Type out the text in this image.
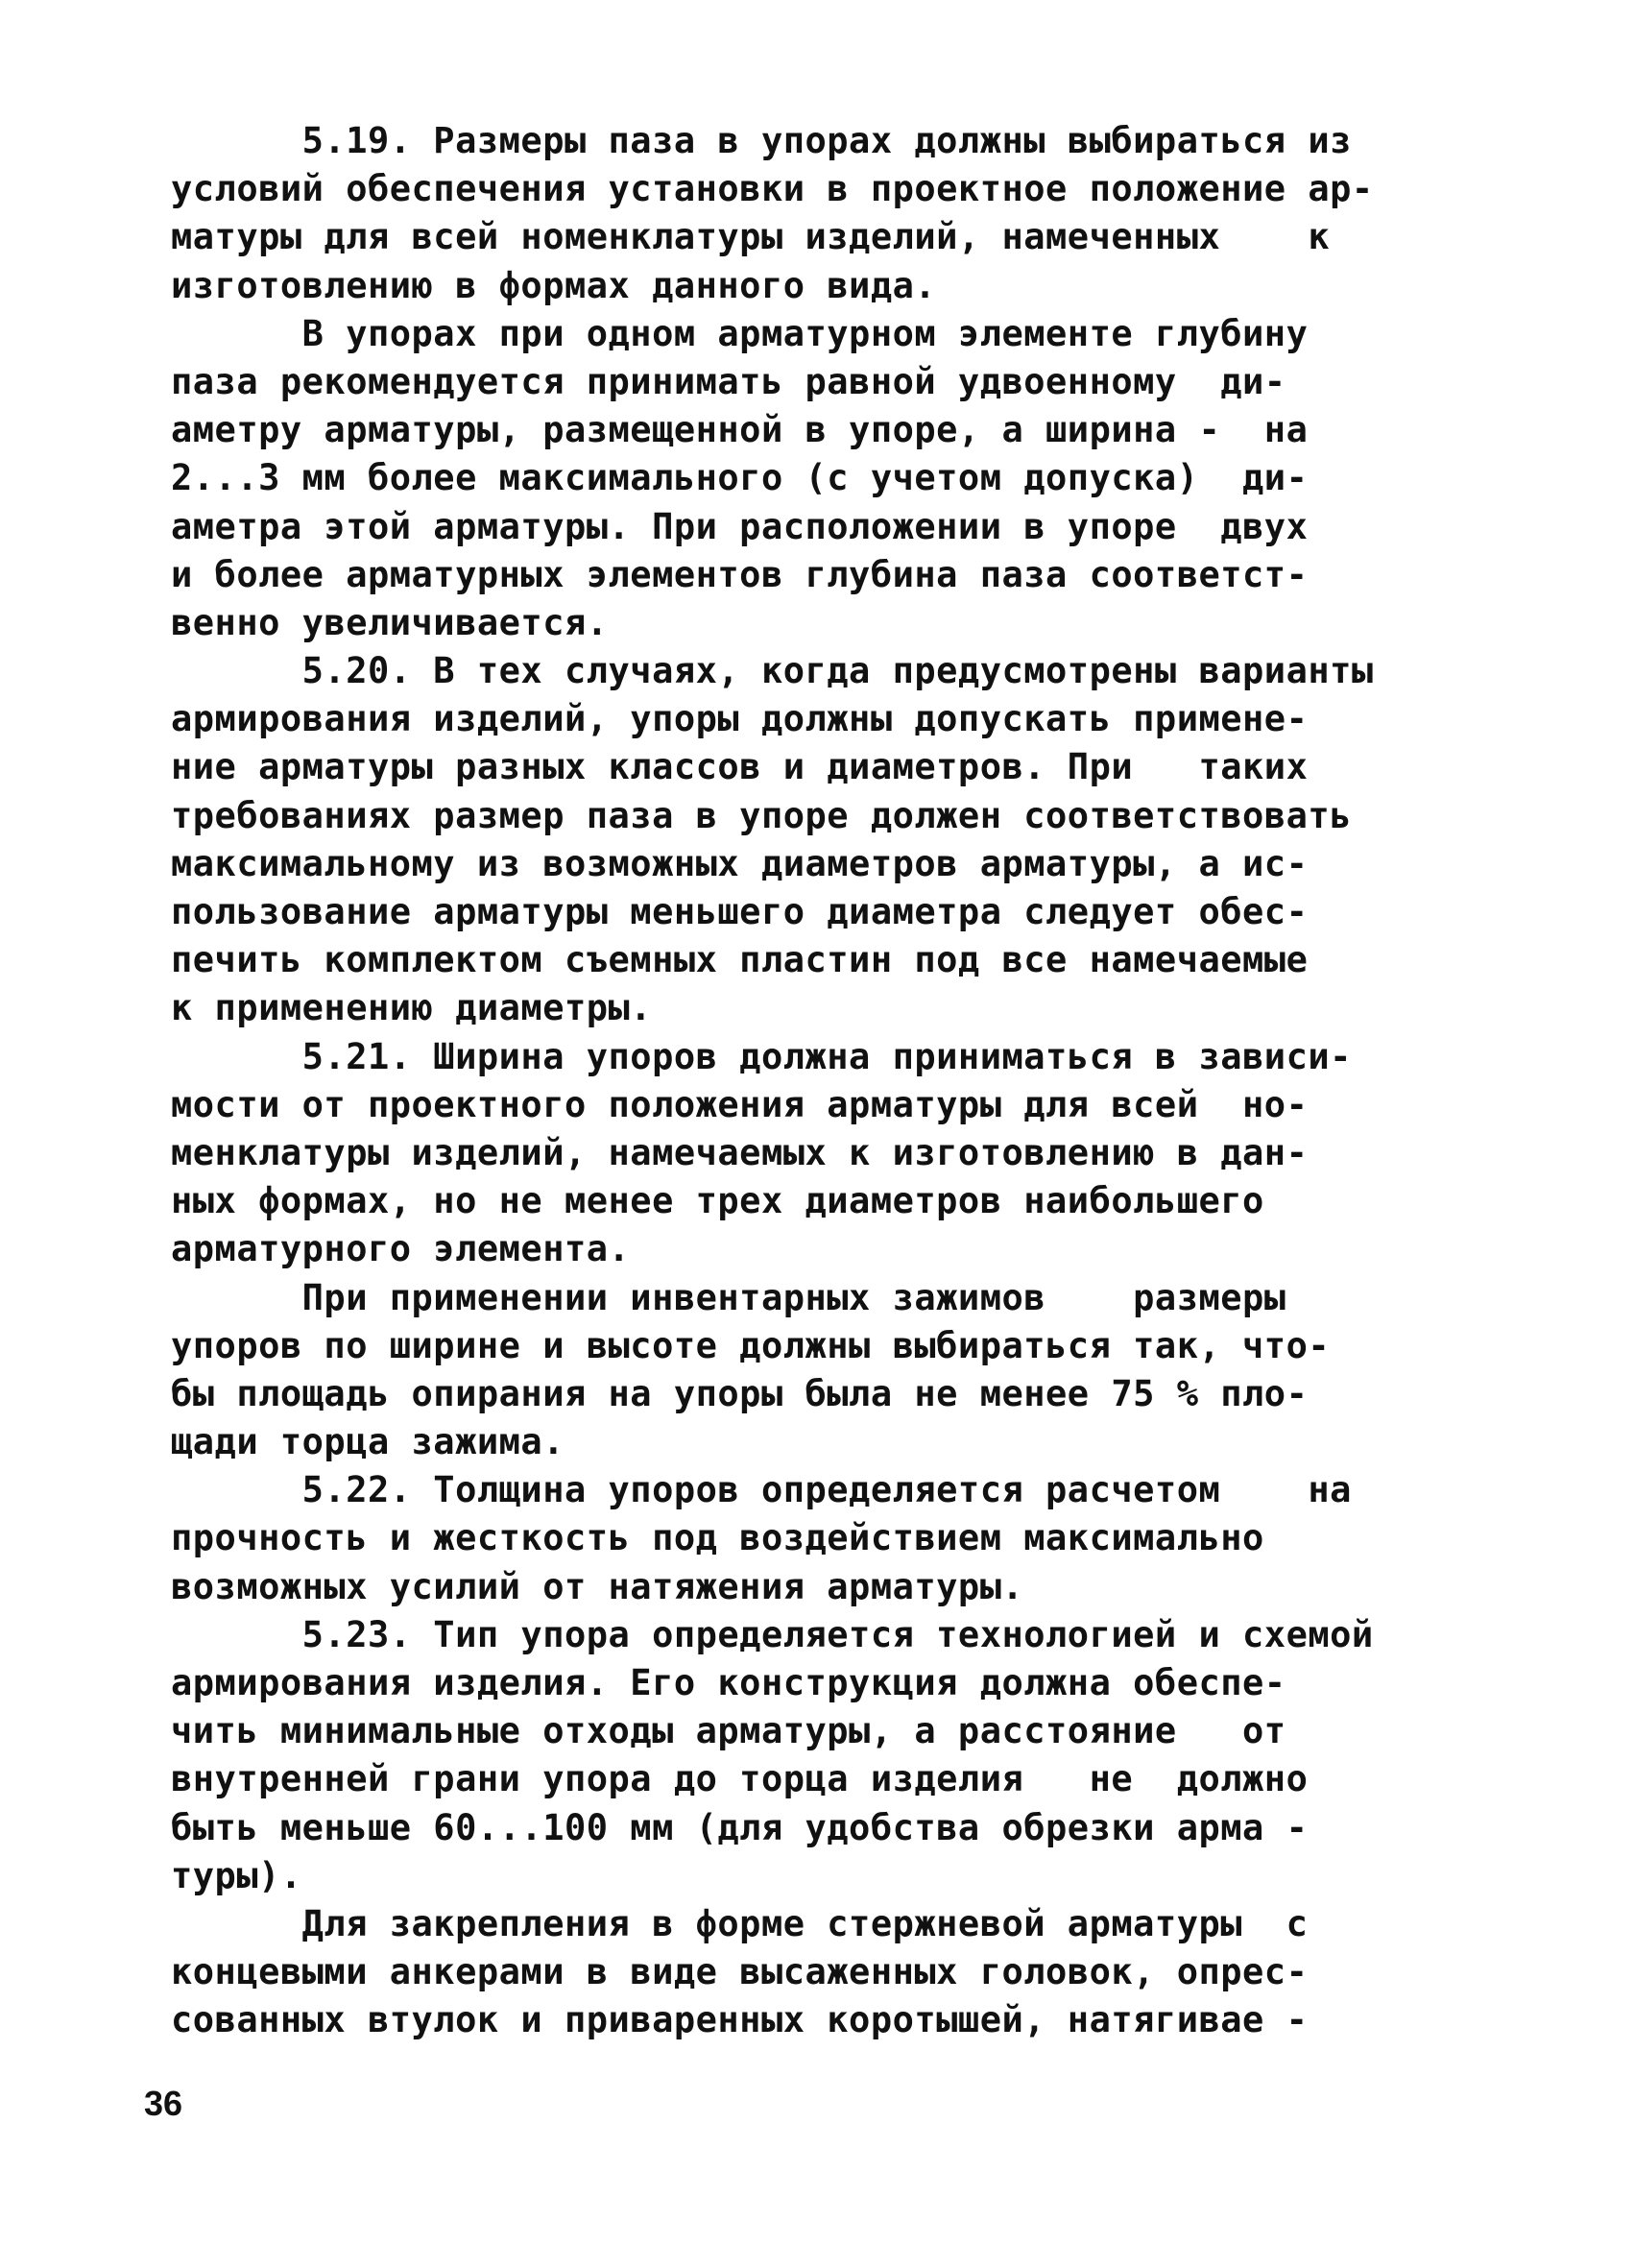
5.19. Размеры паза в упорах должны выбираться из
условий обеспечения установки в проектное положение ар-
матуры для всей номенклатуры изделий, намеченных    к
изготовлению в формах данного вида.
В упорах при одном арматурном элементе глубину
паза рекомендуется принимать равной удвоенному  ди-
аметру арматуры, размещенной в упоре, а ширина -  на
2...3 мм более максимального (с учетом допуска)  ди-
аметра этой арматуры. При расположении в упоре  двух
и более арматурных элементов глубина паза соответст-
венно увеличивается.
5.20. В тех случаях, когда предусмотрены варианты
армирования изделий, упоры должны допускать примене-
ние арматуры разных классов и диаметров. При   таких
требованиях размер паза в упоре должен соответствовать
максимальному из возможных диаметров арматуры, а ис-
пользование арматуры меньшего диаметра следует обес-
печить комплектом съемных пластин под все намечаемые
к применению диаметры.
5.21. Ширина упоров должна приниматься в зависи-
мости от проектного положения арматуры для всей  но-
менклатуры изделий, намечаемых к изготовлению в дан-
ных формах, но не менее трех диаметров наибольшего
арматурного элемента.
При применении инвентарных зажимов    размеры
упоров по ширине и высоте должны выбираться так, что-
бы площадь опирания на упоры была не менее 75 % пло-
щади торца зажима.
5.22. Толщина упоров определяется расчетом    на
прочность и жесткость под воздействием максимально
возможных усилий от натяжения арматуры.
5.23. Тип упора определяется технологией и схемой
армирования изделия. Его конструкция должна обеспе-
чить минимальные отходы арматуры, а расстояние   от
внутренней грани упора до торца изделия   не  должно
быть меньше 60...100 мм (для удобства обрезки арма -
туры).
Для закрепления в форме стержневой арматуры  с
концевыми анкерами в виде высаженных головок, опрес-
сованных втулок и приваренных коротышей, натягивае -
36
